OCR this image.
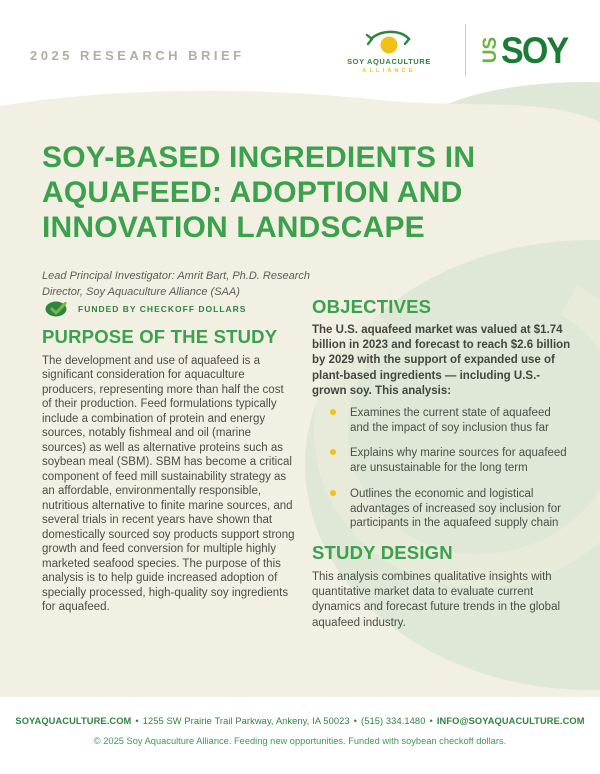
2025 RESEARCH BRIEF	SOY AQUACULTURE
ALLIANCE
US SOY
SOY-BASED INGREDIENTS IN AQUAFEED: ADOPTION AND INNOVATION LANDSCAPE
Lead Principal Investigator: Amrit Bart, Ph.D. Research Director, Soy Aquaculture Alliance (SAA)
FUNDED BY CHECKOFF DOLLARS
PURPOSE OF THE STUDY

The development and use of aquafeed is a significant consideration for aquaculture producers, representing more than half the cost of their production. Feed formulations typically include a combination of protein and energy sources, notably fishmeal and oil (marine sources) as well as alternative proteins such as soybean meal (SBM). SBM has become a critical component of feed mill sustainability strategy as an affordable, environmentally responsible, nutritious alternative to finite marine sources, and several trials in recent years have shown that domestically sourced soy products support strong growth and feed conversion for multiple highly marketed seafood species. The purpose of this analysis is to help guide increased adoption of specially processed, high-quality soy ingredients for aquafeed.

OBJECTIVES

The U.S. aquafeed market was valued at $1.74 billion in 2023 and forecast to reach $2.6 billion by 2029 with the support of expanded use of plant-based ingredients — including U.S.-grown soy. This analysis:

Examines the current state of aquafeed and the impact of soy inclusion thus far
Explains why marine sources for aquafeed are unsustainable for the long term
Outlines the economic and logistical advantages of increased soy inclusion for participants in the aquafeed supply chain
STUDY DESIGN

This analysis combines qualitative insights with quantitative market data to evaluate current dynamics and forecast future trends in the global aquafeed industry.

SOYAQUACULTURE.COM • 1255 SW Prairie Trail Parkway, Ankeny, IA 50023 • (515) 334.1480 • INFO@SOYAQUACULTURE.COM
© 2025 Soy Aquaculture Alliance. Feeding new opportunities. Funded with soybean checkoff dollars.
